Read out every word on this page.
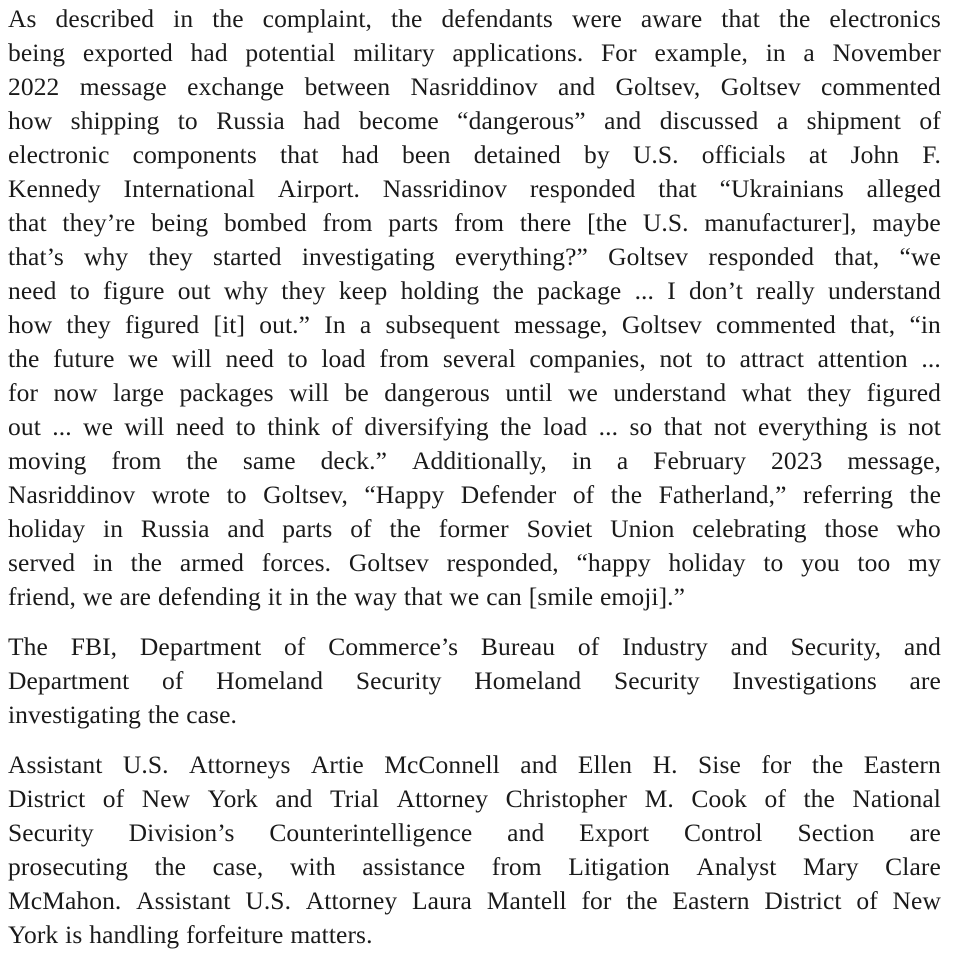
As described in the complaint, the defendants were aware that the electronics
being exported had potential military applications. For example, in a November
2022 message exchange between Nasriddinov and Goltsev, Goltsev commented
how shipping to Russia had become “dangerous” and discussed a shipment of
electronic components that had been detained by U.S. officials at John F.
Kennedy International Airport. Nassridinov responded that “Ukrainians alleged
that they’re being bombed from parts from there [the U.S. manufacturer], maybe
that’s why they started investigating everything?” Goltsev responded that, “we
need to figure out why they keep holding the package ... I don’t really understand
how they figured [it] out.” In a subsequent message, Goltsev commented that, “in
the future we will need to load from several companies, not to attract attention ...
for now large packages will be dangerous until we understand what they figured
out ... we will need to think of diversifying the load ... so that not everything is not
moving from the same deck.” Additionally, in a February 2023 message,
Nasriddinov wrote to Goltsev, “Happy Defender of the Fatherland,” referring the
holiday in Russia and parts of the former Soviet Union celebrating those who
served in the armed forces. Goltsev responded, “happy holiday to you too my
friend, we are defending it in the way that we can [smile emoji].”

The FBI, Department of Commerce’s Bureau of Industry and Security, and
Department of Homeland Security Homeland Security Investigations are
investigating the case.

Assistant U.S. Attorneys Artie McConnell and Ellen H. Sise for the Eastern
District of New York and Trial Attorney Christopher M. Cook of the National
Security Division’s Counterintelligence and Export Control Section are
prosecuting the case, with assistance from Litigation Analyst Mary Clare
McMahon. Assistant U.S. Attorney Laura Mantell for the Eastern District of New
York is handling forfeiture matters.
